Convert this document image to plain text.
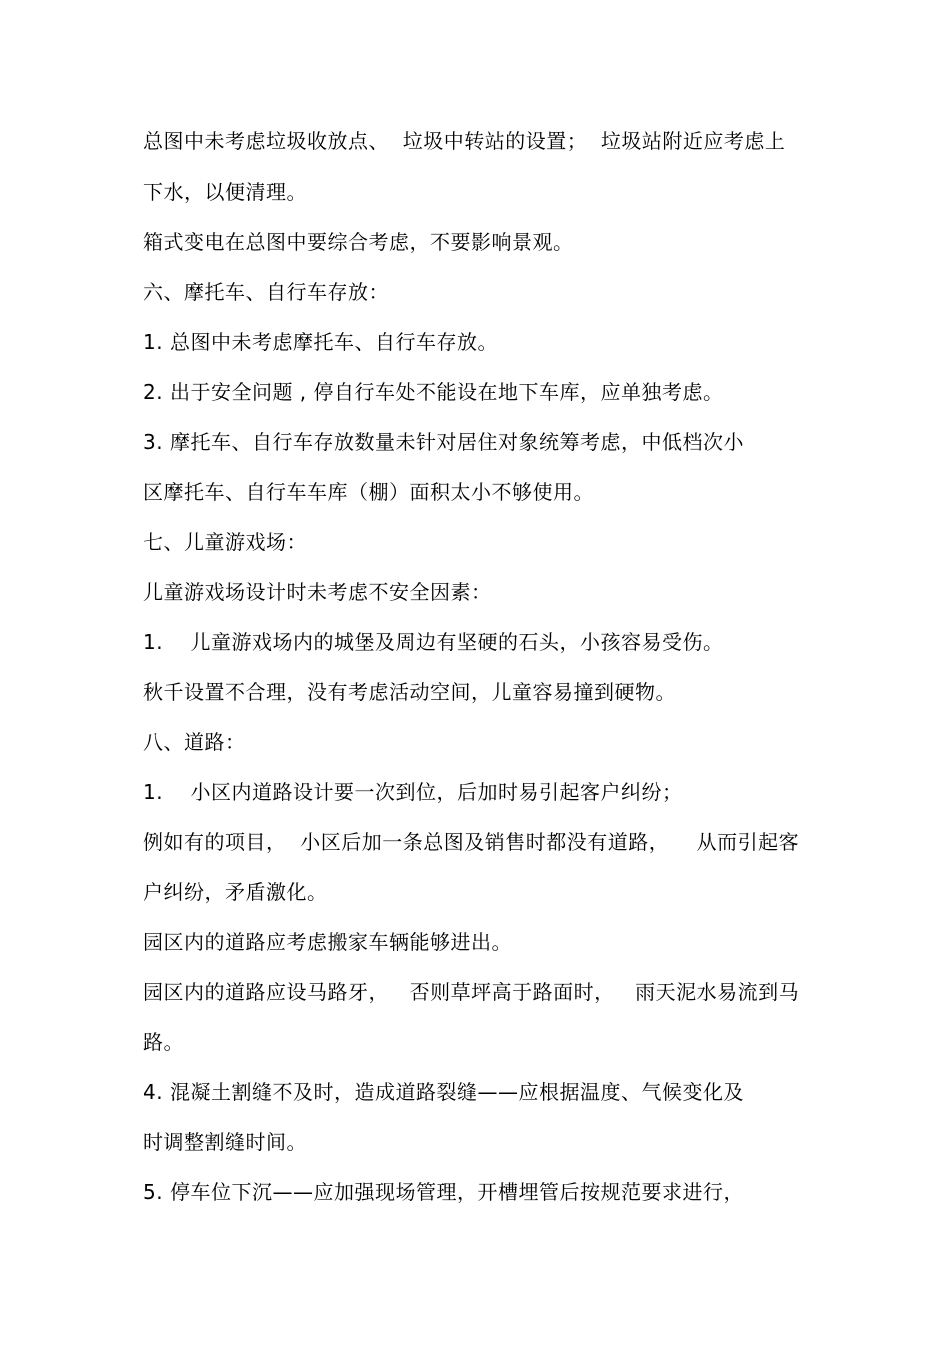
总图中未考虑垃圾收放点、  垃圾中转站的设置；  垃圾站附近应考虑上
下水，以便清理。
箱式变电在总图中要综合考虑，不要影响景观。
六、摩托车、自行车存放：
1. 总图中未考虑摩托车、自行车存放。
2. 出于安全问题 , 停自行车处不能设在地下车库，应单独考虑。
3. 摩托车、自行车存放数量未针对居住对象统筹考虑，中低档次小
区摩托车、自行车车库（棚）面积太小不够使用。
七、儿童游戏场：
儿童游戏场设计时未考虑不安全因素：
1.    儿童游戏场内的城堡及周边有坚硬的石头，小孩容易受伤。
秋千设置不合理，没有考虑活动空间，儿童容易撞到硬物。
八、道路：
1.    小区内道路设计要一次到位，后加时易引起客户纠纷；
例如有的项目，  小区后加一条总图及销售时都没有道路，    从而引起客
户纠纷，矛盾激化。
园区内的道路应考虑搬家车辆能够进出。
园区内的道路应设马路牙，   否则草坪高于路面时，   雨天泥水易流到马
路。
4. 混凝土割缝不及时，造成道路裂缝——应根据温度、气候变化及
时调整割缝时间。
5. 停车位下沉——应加强现场管理，开槽埋管后按规范要求进行，
